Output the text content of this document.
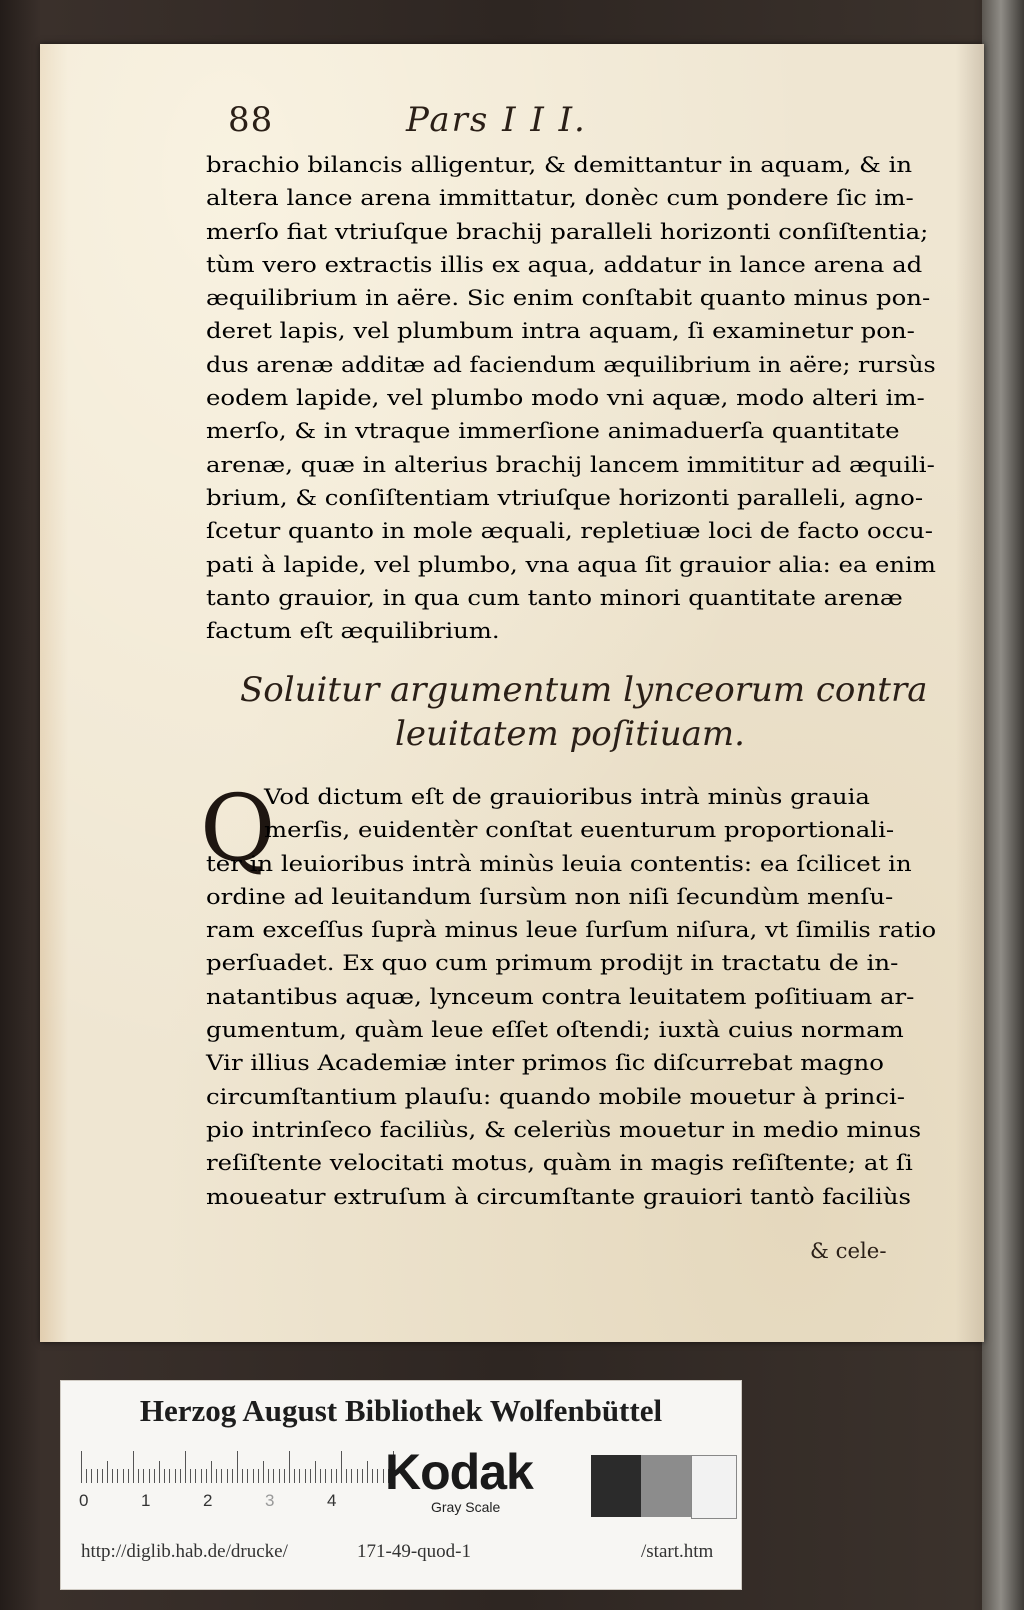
88	Pars I I I.
brachio bilancis alligentur, & demittantur in aquam, & in
altera lance arena immittatur, donèc cum pondere ſic im-
merſo fiat vtriuſque brachij paralleli horizonti conſiſtentia;
tùm vero extractis illis ex aqua, addatur in lance arena ad
æquilibrium in aëre. Sic enim conſtabit quanto minus pon-
deret lapis, vel plumbum intra aquam, ſi examinetur pon-
dus arenæ additæ ad faciendum æquilibrium in aëre; rursùs
eodem lapide, vel plumbo modo vni aquæ, modo alteri im-
merſo, & in vtraque immerſione animaduerſa quantitate
arenæ, quæ in alterius brachij lancem immititur ad æquili-
brium, & conſiſtentiam vtriuſque horizonti paralleli, agno-
ſcetur quanto in mole æquali, repletiuæ loci de facto occu-
pati à lapide, vel plumbo, vna aqua ſit grauior alia: ea enim
tanto grauior, in qua cum tanto minori quantitate arenæ
factum eſt æquilibrium.
Soluitur argumentum lynceorum contra
leuitatem poſitiuam.
Q
Vod dictum eſt de grauioribus intrà minùs grauia
merſis, euidentèr conſtat euenturum proportionali-
ter in leuioribus intrà minùs leuia contentis: ea ſcilicet in
ordine ad leuitandum ſursùm non niſi ſecundùm menſu-
ram exceſſus ſuprà minus leue ſurſum niſura, vt ſimilis ratio
perſuadet. Ex quo cum primum prodijt in tractatu de in-
natantibus aquæ, lynceum contra leuitatem poſitiuam ar-
gumentum, quàm leue eſſet oſtendi; iuxtà cuius normam
Vir illius Academiæ inter primos ſic diſcurrebat magno
circumſtantium plauſu: quando mobile mouetur à princi-
pio intrinſeco faciliùs, & celeriùs mouetur in medio minus
reſiſtente velocitati motus, quàm in magis reſiſtente; at ſi
moueatur extruſum à circumſtante grauiori tantò faciliùs
& cele-
Herzog August Bibliothek Wolfenbüttel
0	1	2	3	4
Kodak
Gray Scale
http://diglib.hab.de/drucke/	171-49-quod-1	/start.htm
